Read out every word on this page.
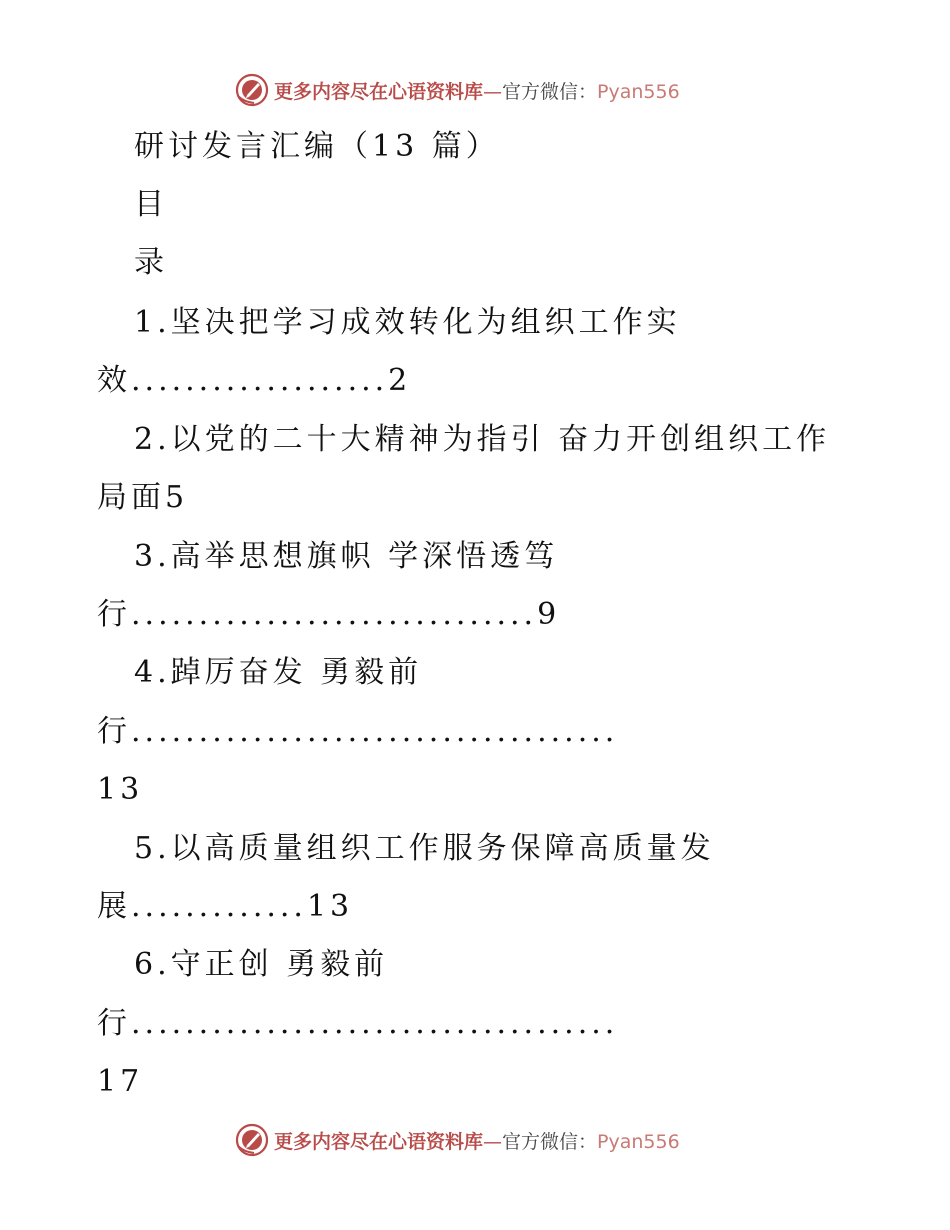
更多内容尽在心语资料库—官方微信：Pyan556
研讨发言汇编（13 篇）
目
录
1.坚决把学习成效转化为组织工作实
效...................2
2.以党的二十大精神为指引 奋力开创组织工作
局面5
3.高举思想旗帜 学深悟透笃
行..............................9
4.踔厉奋发 勇毅前
行....................................
13
5.以高质量组织工作服务保障高质量发
展.............13
6.守正创 勇毅前
行....................................
17
更多内容尽在心语资料库—官方微信：Pyan556
